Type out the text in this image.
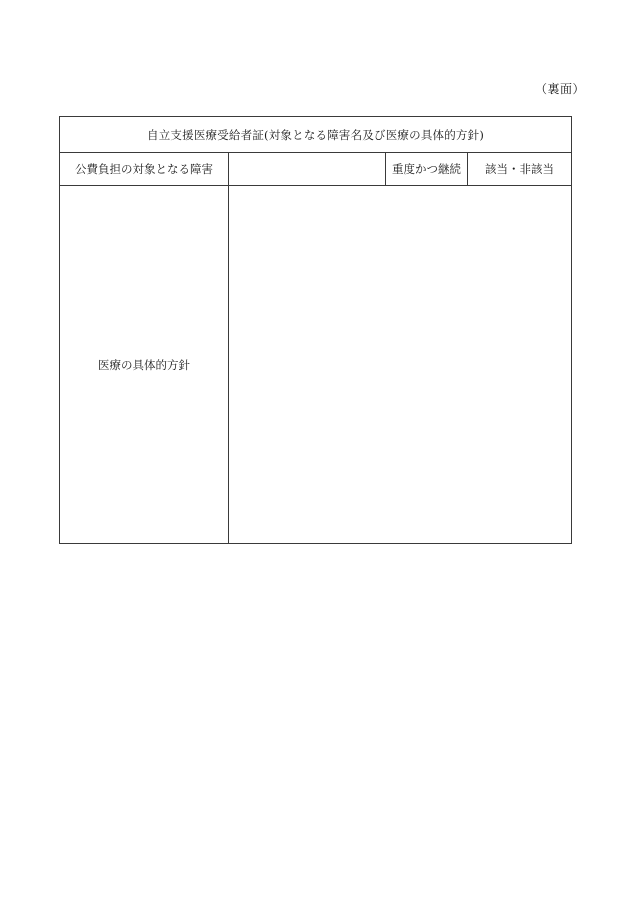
（裏面）
自立支援医療受給者証(対象となる障害名及び医療の具体的方針)			
公費負担の対象となる障害		重度かつ継続	該当・非該当
医療の具体的方針			
